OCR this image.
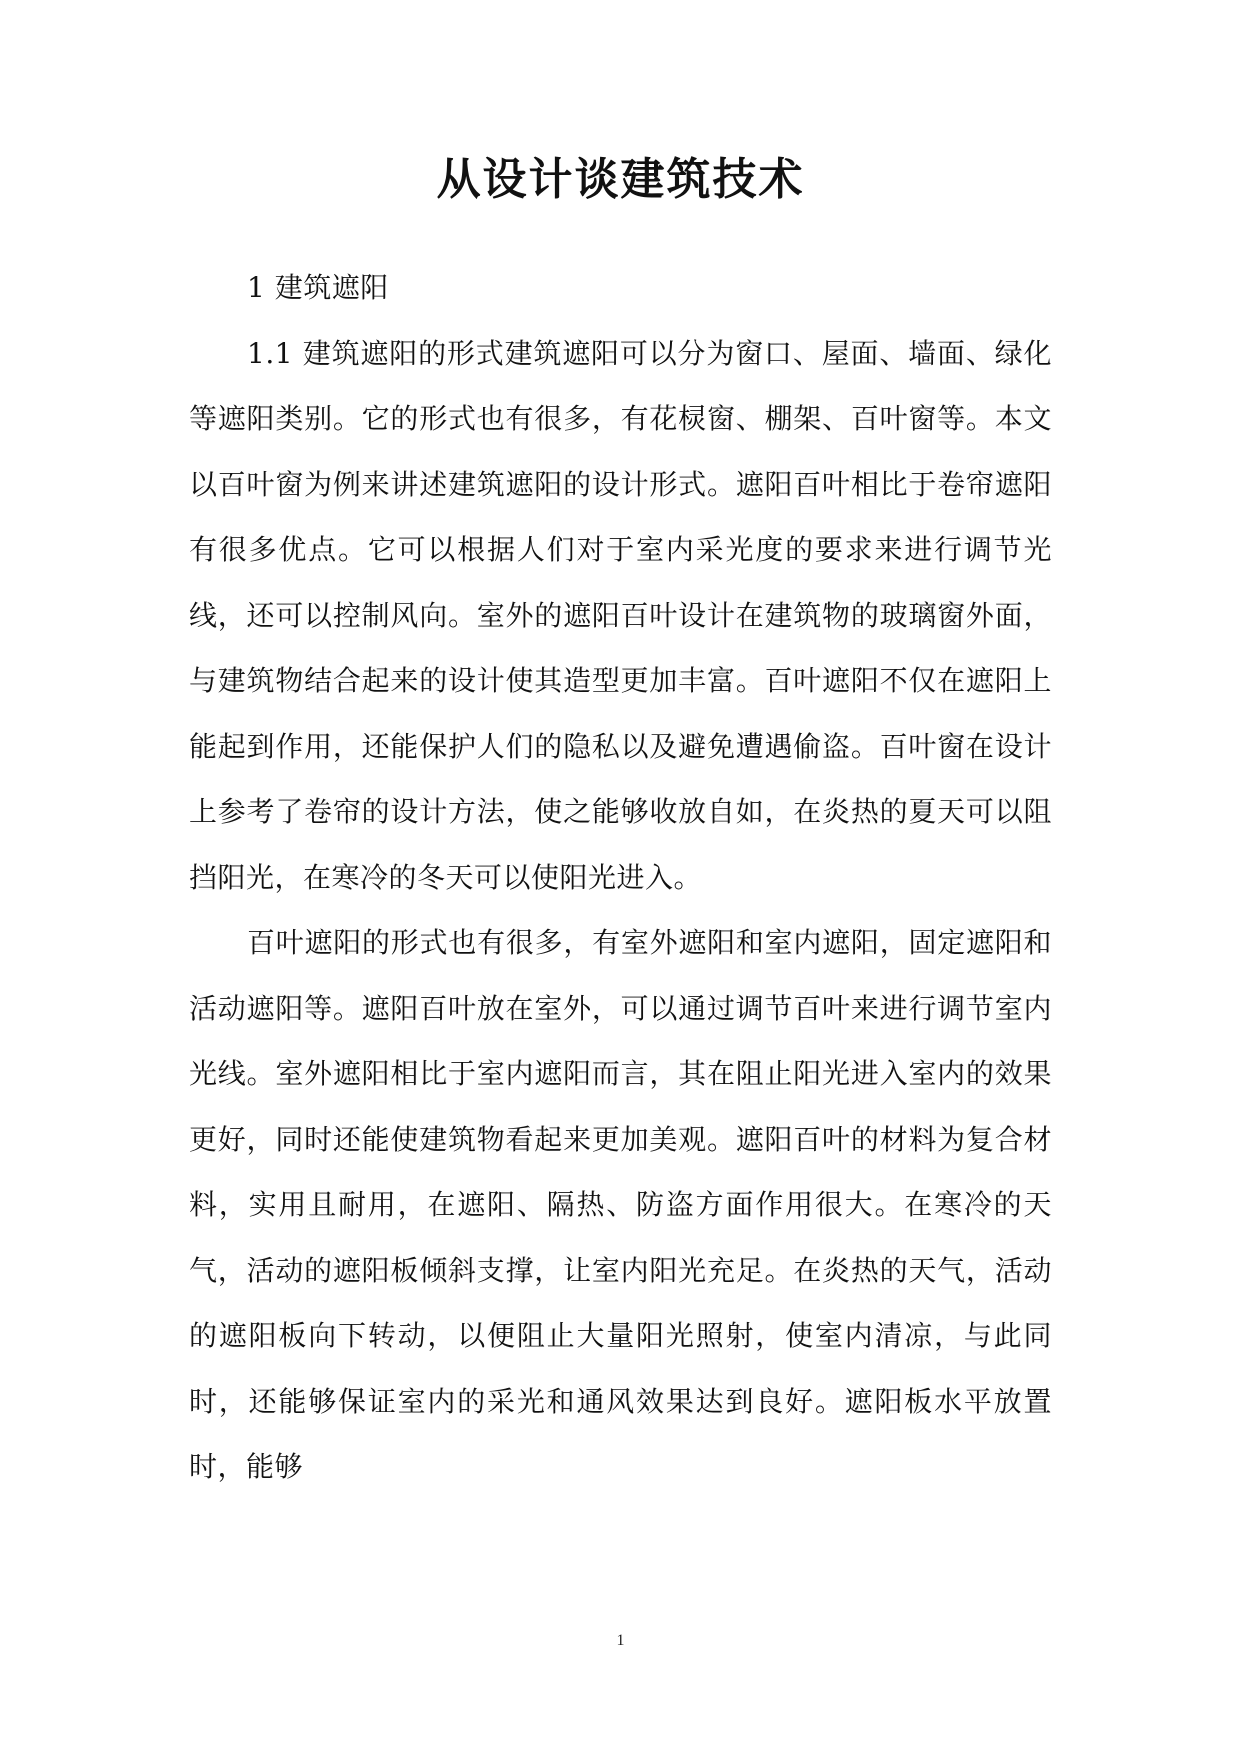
从设计谈建筑技术

1 建筑遮阳

1.1 建筑遮阳的形式建筑遮阳可以分为窗口、屋面、墙面、绿化等遮阳类别。它的形式也有很多，有花棂窗、棚架、百叶窗等。本文以百叶窗为例来讲述建筑遮阳的设计形式。遮阳百叶相比于卷帘遮阳有很多优点。它可以根据人们对于室内采光度的要求来进行调节光线，还可以控制风向。室外的遮阳百叶设计在建筑物的玻璃窗外面，与建筑物结合起来的设计使其造型更加丰富。百叶遮阳不仅在遮阳上能起到作用，还能保护人们的隐私以及避免遭遇偷盗。百叶窗在设计上参考了卷帘的设计方法，使之能够收放自如，在炎热的夏天可以阻挡阳光，在寒冷的冬天可以使阳光进入。

百叶遮阳的形式也有很多，有室外遮阳和室内遮阳，固定遮阳和活动遮阳等。遮阳百叶放在室外，可以通过调节百叶来进行调节室内光线。室外遮阳相比于室内遮阳而言，其在阻止阳光进入室内的效果更好，同时还能使建筑物看起来更加美观。遮阳百叶的材料为复合材料，实用且耐用，在遮阳、隔热、防盗方面作用很大。在寒冷的天气，活动的遮阳板倾斜支撑，让室内阳光充足。在炎热的天气，活动的遮阳板向下转动，以便阻止大量阳光照射，使室内清凉，与此同时，还能够保证室内的采光和通风效果达到良好。遮阳板水平放置时，能够

1
